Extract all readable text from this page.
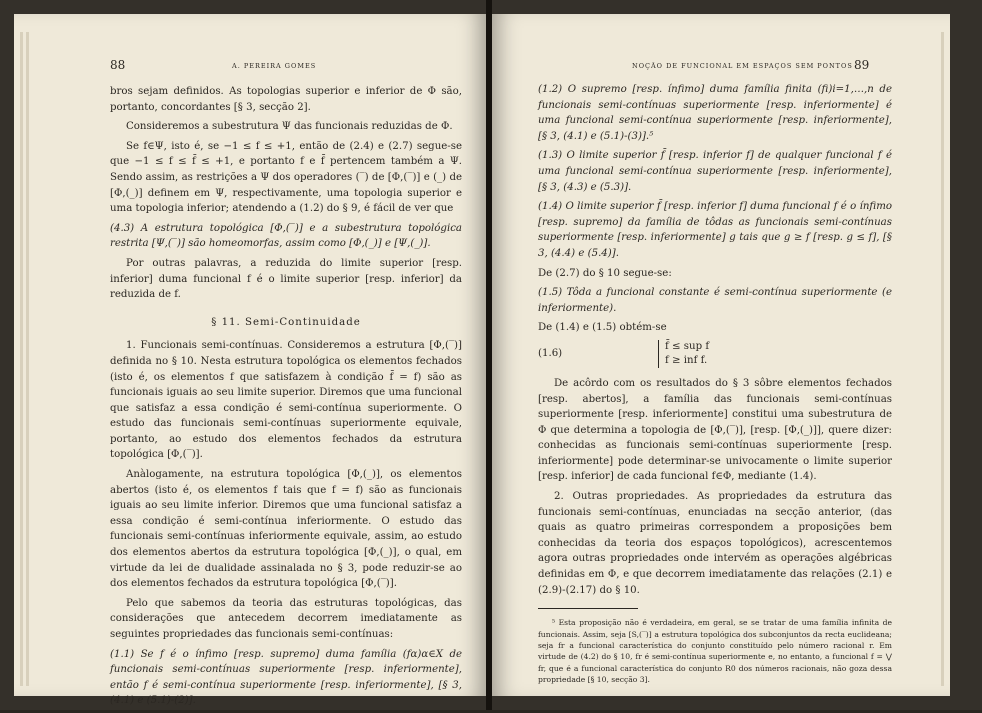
88	A. PEREIRA GOMES

bros sejam definidos. As topologias superior e inferior de Φ são, portanto, concordantes [§ 3, secção 2].

Consideremos a subestrutura Ψ das funcionais reduzidas de Φ.

Se f∈Ψ, isto é, se −1 ≤ f ≤ +1, então de (2.4) e (2.7) segue-se que −1 ≤ f ≤ f̄ ≤ +1, e portanto f e f̄ pertencem também a Ψ. Sendo assim, as restrições a Ψ dos operadores (‾) de [Φ,(‾)] e (_) de [Φ,(_)] definem em Ψ, respectivamente, uma topologia superior e uma topologia inferior; atendendo a (1.2) do § 9, é fácil de ver que

(4.3) A estrutura topológica [Φ,(‾)] e a subestrutura topológica restrita [Ψ,(‾)] são homeomorfas, assim como [Φ,(_)] e [Ψ,(_)].

Por outras palavras, a reduzida do limite superior [resp. inferior] duma funcional f é o limite superior [resp. inferior] da reduzida de f.

§ 11. Semi-Continuidade

1. Funcionais semi-contínuas. Consideremos a estrutura [Φ,(‾)] definida no § 10. Nesta estrutura topológica os elementos fechados (isto é, os elementos f que satisfazem à condição f̄ = f) são as funcionais iguais ao seu limite superior. Diremos que uma funcional que satisfaz a essa condição é semi-contínua superiormente. O estudo das funcionais semi-contínuas superiormente equivale, portanto, ao estudo dos elementos fechados da estrutura topológica [Φ,(‾)].

Anàlogamente, na estrutura topológica [Φ,(_)], os elementos abertos (isto é, os elementos f tais que f = f) são as funcionais iguais ao seu limite inferior. Diremos que uma funcional satisfaz a essa condição é semi-contínua inferiormente. O estudo das funcionais semi-contínuas inferiormente equivale, assim, ao estudo dos elementos abertos da estrutura topológica [Φ,(_)], o qual, em virtude da lei de dualidade assinalada no § 3, pode reduzir-se ao dos elementos fechados da estrutura topológica [Φ,(‾)].

Pelo que sabemos da teoria das estruturas topológicas, das considerações que antecedem decorrem imediatamente as seguintes propriedades das funcionais semi-contínuas:

(1.1) Se f é o ínfimo [resp. supremo] duma família (fα)α∈X de funcionais semi-contínuas superiormente [resp. inferiormente], então f é semi-contínua superiormente [resp. inferiormente], [§ 3, (4.1) e (5.1)-(2)].

NOÇÃO DE FUNCIONAL EM ESPAÇOS SEM PONTOS 89

(1.2) O supremo [resp. ínfimo] duma família finita (fi)i=1,…,n de funcionais semi-contínuas superiormente [resp. inferiormente] é uma funcional semi-contínua superiormente [resp. inferiormente], [§ 3, (4.1) e (5.1)-(3)].⁵

(1.3) O limite superior f̄ [resp. inferior f] de qualquer funcional f é uma funcional semi-contínua superiormente [resp. inferiormente], [§ 3, (4.3) e (5.3)].

(1.4) O limite superior f̄ [resp. inferior f] duma funcional f é o ínfimo [resp. supremo] da família de tôdas as funcionais semi-contínuas superiormente [resp. inferiormente] g tais que g ≥ f [resp. g ≤ f], [§ 3, (4.4) e (5.4)].

De (2.7) do § 10 segue-se:

(1.5) Tôda a funcional constante é semi-contínua superiormente (e inferiormente).

De (1.4) e (1.5) obtém-se

(1.6)
f̄ ≤ sup f
f ≥ inf f.

De acôrdo com os resultados do § 3 sôbre elementos fechados [resp. abertos], a família das funcionais semi-contínuas superiormente [resp. inferiormente] constitui uma subestrutura de Φ que determina a topologia de [Φ,(‾)], [resp. [Φ,(_)]], quere dizer: conhecidas as funcionais semi-contínuas superiormente [resp. inferiormente] pode determinar-se univocamente o limite superior [resp. inferior] de cada funcional f∈Φ, mediante (1.4).

2. Outras propriedades. As propriedades da estrutura das funcionais semi-contínuas, enunciadas na secção anterior, (das quais as quatro primeiras correspondem a proposições bem conhecidas da teoria dos espaços topológicos), acrescentemos agora outras propriedades onde intervém as operações algébricas definidas em Φ, e que decorrem imediatamente das relações (2.1) e (2.9)-(2.17) do § 10.

⁵ Esta proposição não é verdadeira, em geral, se se tratar de uma família infinita de funcionais. Assim, seja [S,(‾)] a estrutura topológica dos subconjuntos da recta euclideana; seja fr a funcional característica do conjunto constituído pelo número racional r. Em virtude de (4.2) do § 10, fr é semi-contínua superiormente e, no entanto, a funcional f = ⋁ fr, que é a funcional característica do conjunto R0 dos números racionais, não goza dessa propriedade [§ 10, secção 3].
